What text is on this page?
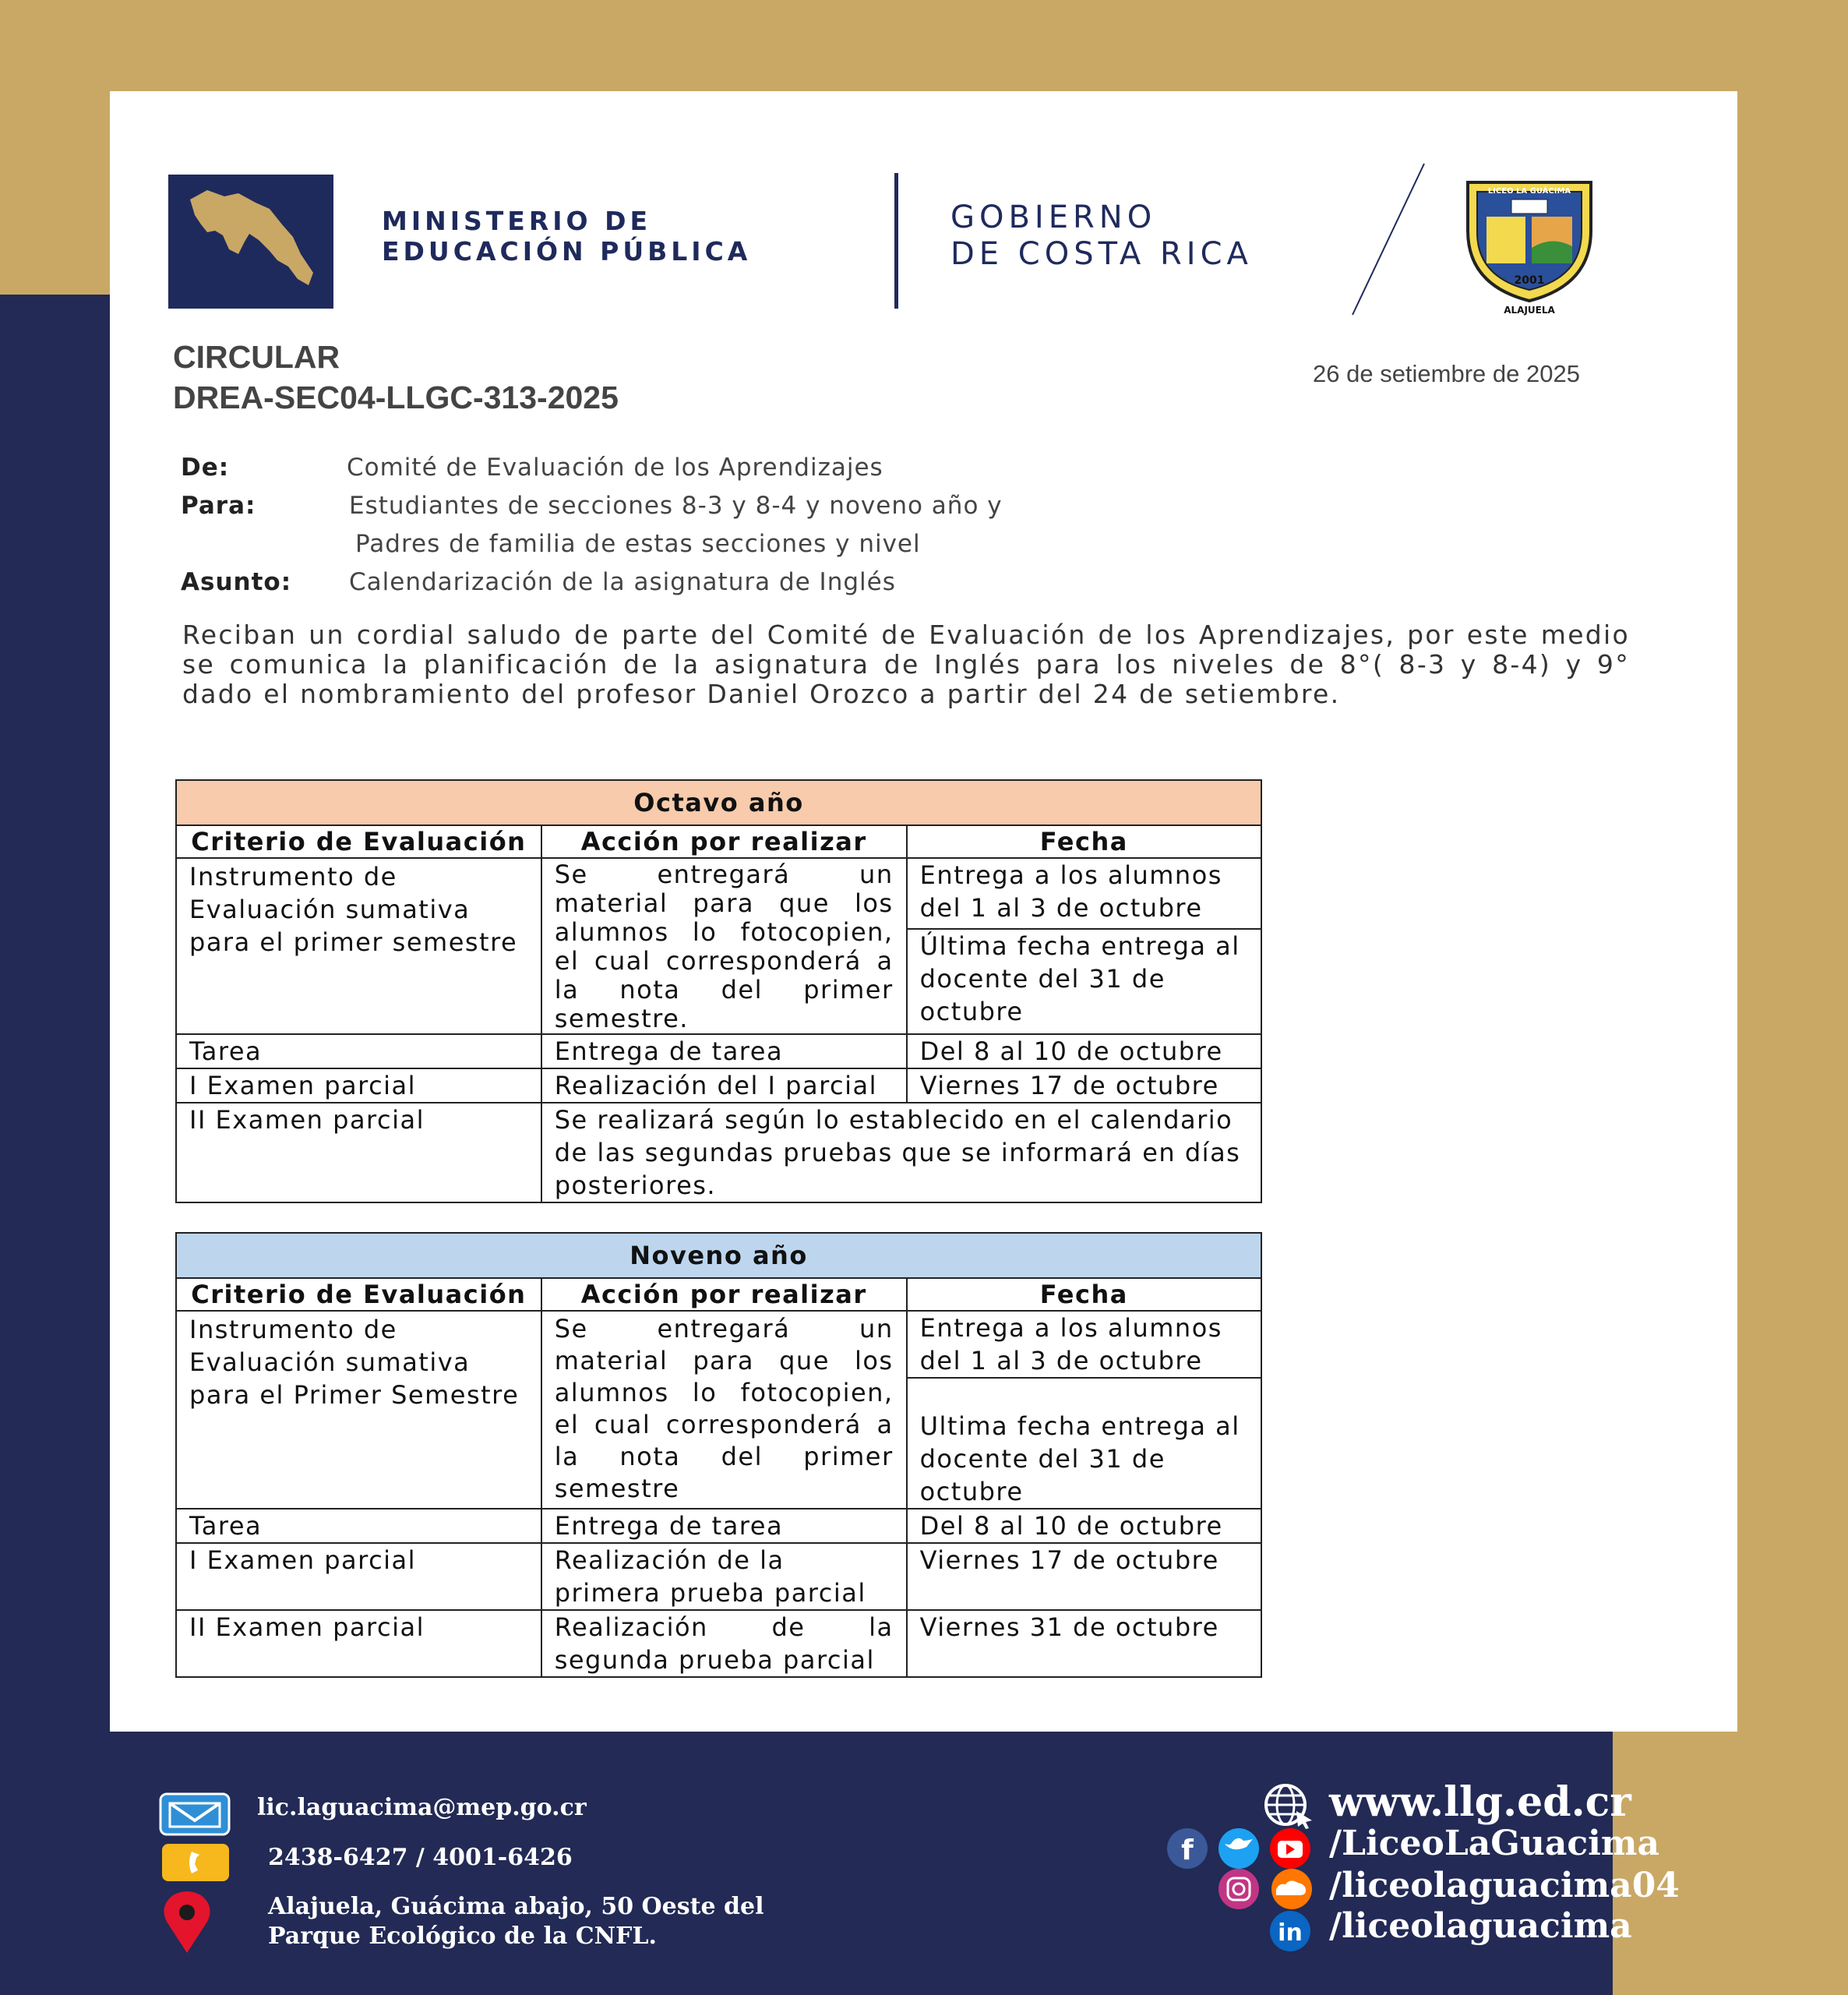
MINISTERIO DE
EDUCACIÓN PÚBLICA
GOBIERNO
DE COSTA RICA
LICEO LA GUÁCIMA
2001
ALAJUELA
CIRCULAR
DREA-SEC04-LLGC-313-2025
26 de setiembre de 2025
De:	Comité de Evaluación de los Aprendizajes
Para:	Estudiantes de secciones 8-3 y 8-4 y noveno año y
Padres de familia de estas secciones y nivel
Asunto: Calendarización de la asignatura de Inglés
Reciban un cordial saludo de parte del Comité de Evaluación de los Aprendizajes, por este medio se comunica la planificación de la asignatura de Inglés para los niveles de 8°( 8-3 y 8-4) y 9° dado el nombramiento del profesor Daniel Orozco a partir del 24 de setiembre.
Octavo año		
Criterio de Evaluación	Acción por realizar	Fecha
Instrumento de Evaluación sumativa para el primer semestre	Se entregará un material para que los alumnos lo fotocopien, el cual corresponderá a la nota del primer semestre.	Entrega a los alumnos del 1 al 3 de octubre
		Última fecha entrega al docente del 31 de octubre
Tarea	Entrega de tarea	Del 8 al 10 de octubre
I Examen parcial	Realización del I parcial	Viernes 17 de octubre
II Examen parcial	Se realizará según lo establecido en el calendario de las segundas pruebas que se informará en días posteriores.	
Noveno año		
Criterio de Evaluación	Acción por realizar	Fecha
Instrumento de Evaluación sumativa para el Primer Semestre	Se entregará un material para que los alumnos lo fotocopien, el cual corresponderá a la nota del primer semestre	Entrega a los alumnos del 1 al 3 de octubre
		Ultima fecha entrega al docente del 31 de octubre
Tarea	Entrega de tarea	Del 8 al 10 de octubre
I Examen parcial	Realización de la primera prueba parcial	Viernes 17 de octubre
II Examen parcial	Realización de la segunda prueba parcial	Viernes 31 de octubre
lic.laguacima@mep.go.cr
2438-6427 / 4001-6426
Alajuela, Guácima abajo, 50 Oeste del
Parque Ecológico de la CNFL.
www.llg.ed.cr
f	/LiceoLaGuacima
/liceolaguacima04
in /liceolaguacima
